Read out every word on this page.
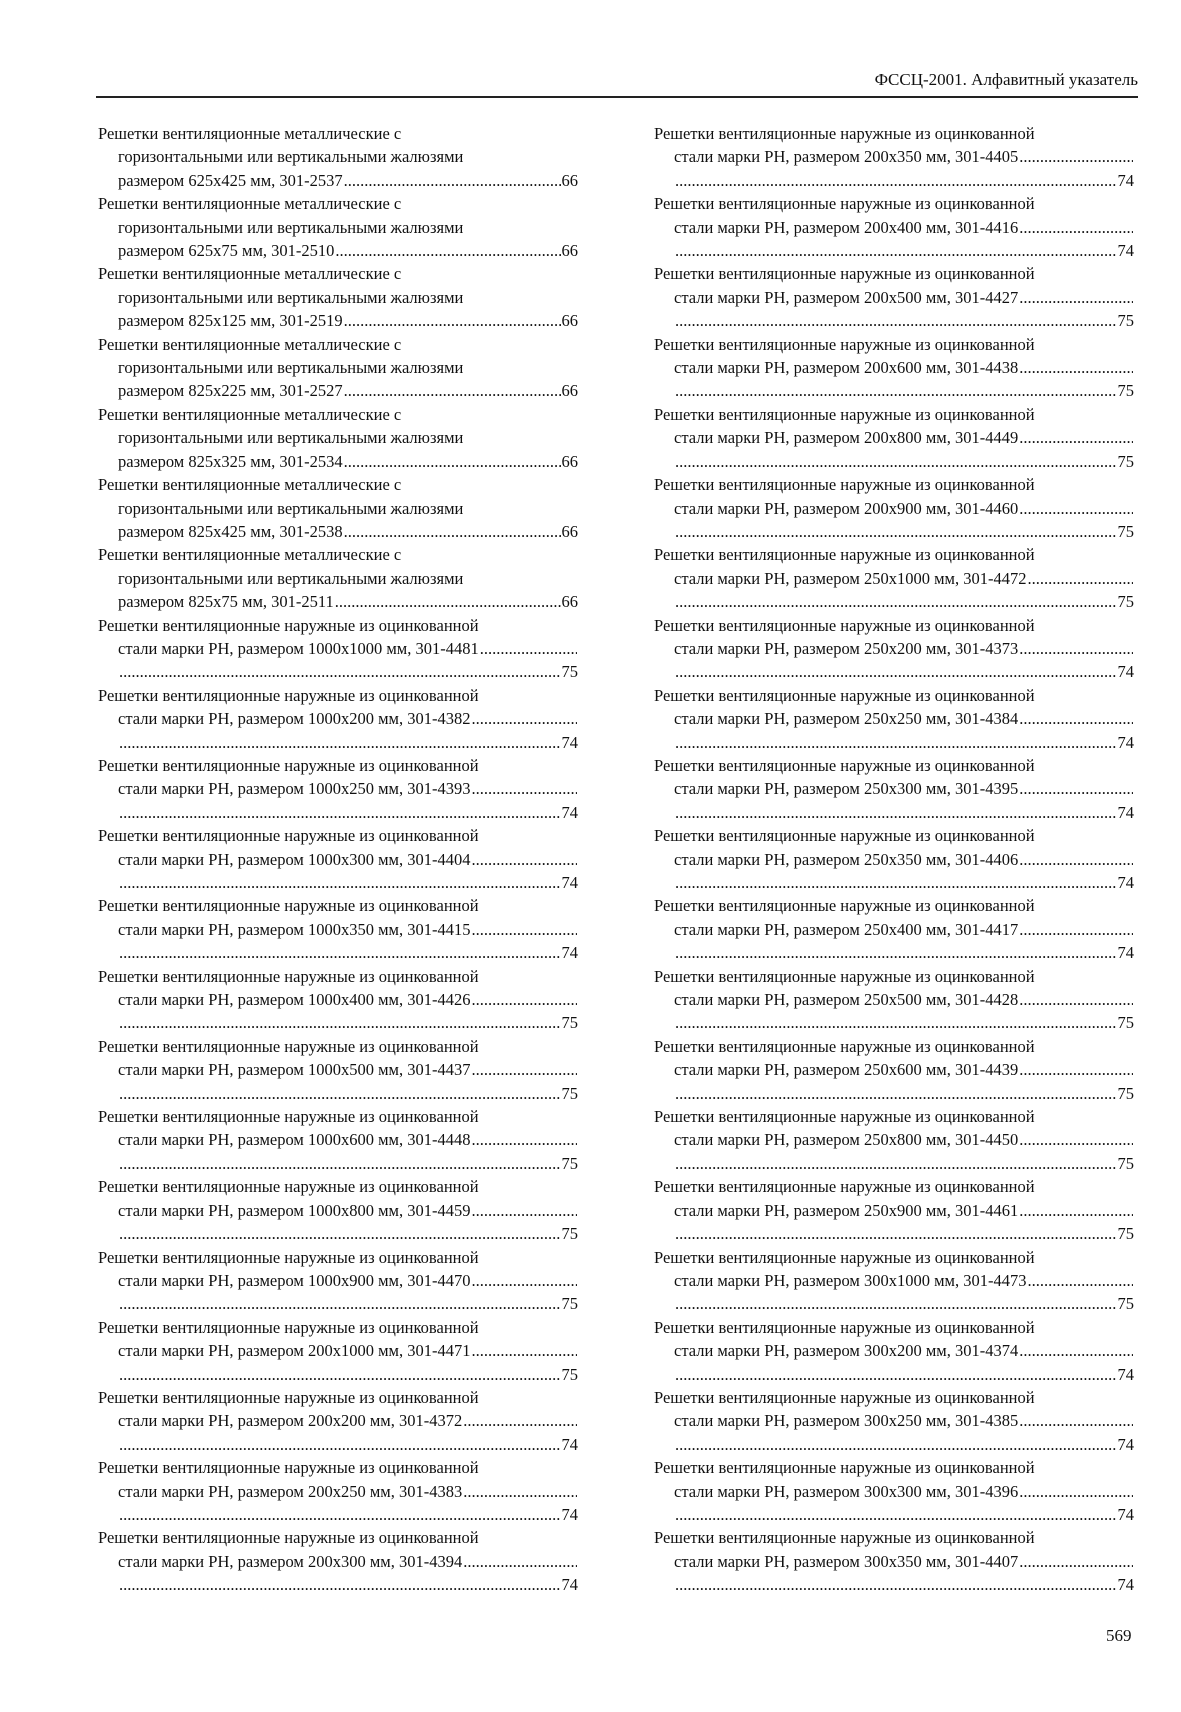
ФССЦ-2001. Алфавитный указатель
Решетки вентиляционные металлические с
горизонтальными или вертикальными жалюзями
размером 625х425 мм, 301-2537 .....	66
Решетки вентиляционные металлические с
горизонтальными или вертикальными жалюзями
размером 625х75 мм, 301-2510 .....	66
Решетки вентиляционные металлические с
горизонтальными или вертикальными жалюзями
размером 825х125 мм, 301-2519 .....	66
Решетки вентиляционные металлические с
горизонтальными или вертикальными жалюзями
размером 825х225 мм, 301-2527 .....	66
Решетки вентиляционные металлические с
горизонтальными или вертикальными жалюзями
размером 825х325 мм, 301-2534 .....	66
Решетки вентиляционные металлические с
горизонтальными или вертикальными жалюзями
размером 825х425 мм, 301-2538 .....	66
Решетки вентиляционные металлические с
горизонтальными или вертикальными жалюзями
размером 825х75 мм, 301-2511 .....	66
Решетки вентиляционные наружные из оцинкованной
стали марки РН, размером 1000х1000 мм, 301-4481
.....
.....
75
Решетки вентиляционные наружные из оцинкованной
стали марки РН, размером 1000х200 мм, 301-4382
.....
.....
74
Решетки вентиляционные наружные из оцинкованной
стали марки РН, размером 1000х250 мм, 301-4393
.....
.....
74
Решетки вентиляционные наружные из оцинкованной
стали марки РН, размером 1000х300 мм, 301-4404
.....
.....
74
Решетки вентиляционные наружные из оцинкованной
стали марки РН, размером 1000х350 мм, 301-4415
.....
.....
74
Решетки вентиляционные наружные из оцинкованной
стали марки РН, размером 1000х400 мм, 301-4426
.....
.....
75
Решетки вентиляционные наружные из оцинкованной
стали марки РН, размером 1000х500 мм, 301-4437
.....
.....
75
Решетки вентиляционные наружные из оцинкованной
стали марки РН, размером 1000х600 мм, 301-4448
.....
.....
75
Решетки вентиляционные наружные из оцинкованной
стали марки РН, размером 1000х800 мм, 301-4459
.....
.....
75
Решетки вентиляционные наружные из оцинкованной
стали марки РН, размером 1000х900 мм, 301-4470
.....
.....
75
Решетки вентиляционные наружные из оцинкованной
стали марки РН, размером 200х1000 мм, 301-4471
.....
.....
75
Решетки вентиляционные наружные из оцинкованной
стали марки РН, размером 200х200 мм, 301-4372
.....
.....
74
Решетки вентиляционные наружные из оцинкованной
стали марки РН, размером 200х250 мм, 301-4383
.....
.....
74
Решетки вентиляционные наружные из оцинкованной
стали марки РН, размером 200х300 мм, 301-4394
.....
.....
74
Решетки вентиляционные наружные из оцинкованной
стали марки РН, размером 200х350 мм, 301-4405
.....
.....
74
Решетки вентиляционные наружные из оцинкованной
стали марки РН, размером 200х400 мм, 301-4416
.....
.....
74
Решетки вентиляционные наружные из оцинкованной
стали марки РН, размером 200х500 мм, 301-4427
.....
.....
75
Решетки вентиляционные наружные из оцинкованной
стали марки РН, размером 200х600 мм, 301-4438
.....
.....
75
Решетки вентиляционные наружные из оцинкованной
стали марки РН, размером 200х800 мм, 301-4449
.....
.....
75
Решетки вентиляционные наружные из оцинкованной
стали марки РН, размером 200х900 мм, 301-4460
.....
.....
75
Решетки вентиляционные наружные из оцинкованной
стали марки РН, размером 250х1000 мм, 301-4472
.....
.....
75
Решетки вентиляционные наружные из оцинкованной
стали марки РН, размером 250х200 мм, 301-4373
.....
.....
74
Решетки вентиляционные наружные из оцинкованной
стали марки РН, размером 250х250 мм, 301-4384
.....
.....
74
Решетки вентиляционные наружные из оцинкованной
стали марки РН, размером 250х300 мм, 301-4395
.....
.....
74
Решетки вентиляционные наружные из оцинкованной
стали марки РН, размером 250х350 мм, 301-4406
.....
.....
74
Решетки вентиляционные наружные из оцинкованной
стали марки РН, размером 250х400 мм, 301-4417
.....
.....
74
Решетки вентиляционные наружные из оцинкованной
стали марки РН, размером 250х500 мм, 301-4428
.....
.....
75
Решетки вентиляционные наружные из оцинкованной
стали марки РН, размером 250х600 мм, 301-4439
.....
.....
75
Решетки вентиляционные наружные из оцинкованной
стали марки РН, размером 250х800 мм, 301-4450
.....
.....
75
Решетки вентиляционные наружные из оцинкованной
стали марки РН, размером 250х900 мм, 301-4461
.....
.....
75
Решетки вентиляционные наружные из оцинкованной
стали марки РН, размером 300х1000 мм, 301-4473
.....
.....
75
Решетки вентиляционные наружные из оцинкованной
стали марки РН, размером 300х200 мм, 301-4374
.....
.....
74
Решетки вентиляционные наружные из оцинкованной
стали марки РН, размером 300х250 мм, 301-4385
.....
.....
74
Решетки вентиляционные наружные из оцинкованной
стали марки РН, размером 300х300 мм, 301-4396
.....
.....
74
Решетки вентиляционные наружные из оцинкованной
стали марки РН, размером 300х350 мм, 301-4407
.....
.....
74
569
